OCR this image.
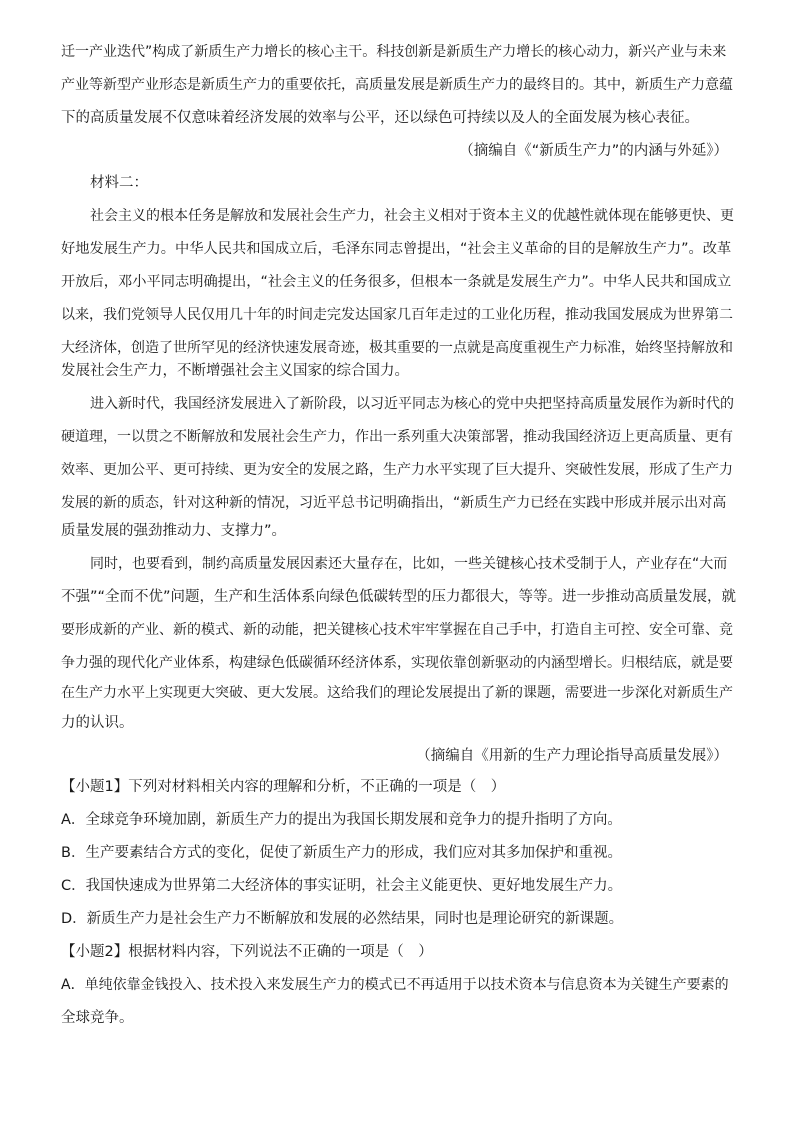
迁一产业迭代”构成了新质生产力增长的核心主干。科技创新是新质生产力增长的核心动力，新兴产业与未来
产业等新型产业形态是新质生产力的重要依托，高质量发展是新质生产力的最终目的。其中，新质生产力意蕴
下的高质量发展不仅意味着经济发展的效率与公平，还以绿色可持续以及人的全面发展为核心表征。
（摘编自《“新质生产力”的内涵与外延》）
材料二：
社会主义的根本任务是解放和发展社会生产力，社会主义相对于资本主义的优越性就体现在能够更快、更
好地发展生产力。中华人民共和国成立后，毛泽东同志曾提出，“社会主义革命的目的是解放生产力”。改革
开放后，邓小平同志明确提出，“社会主义的任务很多，但根本一条就是发展生产力”。中华人民共和国成立
以来，我们党领导人民仅用几十年的时间走完发达国家几百年走过的工业化历程，推动我国发展成为世界第二
大经济体，创造了世所罕见的经济快速发展奇迹，极其重要的一点就是高度重视生产力标准，始终坚持解放和
发展社会生产力，不断增强社会主义国家的综合国力。
进入新时代，我国经济发展进入了新阶段，以习近平同志为核心的党中央把坚持高质量发展作为新时代的
硬道理，一以贯之不断解放和发展社会生产力，作出一系列重大决策部署，推动我国经济迈上更高质量、更有
效率、更加公平、更可持续、更为安全的发展之路，生产力水平实现了巨大提升、突破性发展，形成了生产力
发展的新的质态，针对这种新的情况，习近平总书记明确指出，“新质生产力已经在实践中形成并展示出对高
质量发展的强劲推动力、支撑力”。
同时，也要看到，制约高质量发展因素还大量存在，比如，一些关键核心技术受制于人，产业存在“大而
不强”“全而不优”问题，生产和生活体系向绿色低碳转型的压力都很大，等等。进一步推动高质量发展，就
要形成新的产业、新的模式、新的动能，把关键核心技术牢牢掌握在自己手中，打造自主可控、安全可靠、竞
争力强的现代化产业体系，构建绿色低碳循环经济体系，实现依靠创新驱动的内涵型增长。归根结底，就是要
在生产力水平上实现更大突破、更大发展。这给我们的理论发展提出了新的课题，需要进一步深化对新质生产
力的认识。
（摘编自《用新的生产力理论指导高质量发展》）
【小题1】下列对材料相关内容的理解和分析，不正确的一项是（　）
A．全球竞争环境加剧，新质生产力的提出为我国长期发展和竞争力的提升指明了方向。
B．生产要素结合方式的变化，促使了新质生产力的形成，我们应对其多加保护和重视。
C．我国快速成为世界第二大经济体的事实证明，社会主义能更快、更好地发展生产力。
D．新质生产力是社会生产力不断解放和发展的必然结果，同时也是理论研究的新课题。
【小题2】根据材料内容，下列说法不正确的一项是（　）
A．单纯依靠金钱投入、技术投入来发展生产力的模式已不再适用于以技术资本与信息资本为关键生产要素的
全球竞争。
